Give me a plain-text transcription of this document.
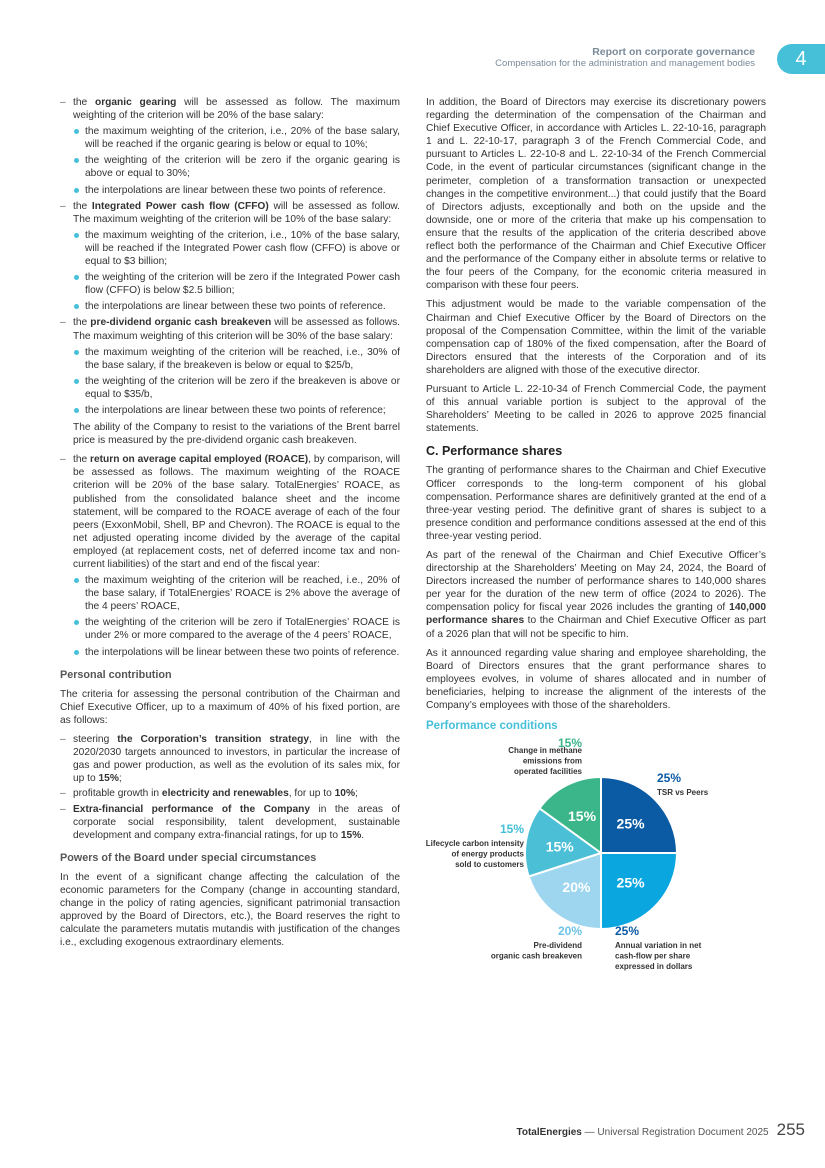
Report on corporate governance
Compensation for the administration and management bodies	4
– the organic gearing will be assessed as follow. The maximum weighting of the criterion will be 20% of the base salary:
the maximum weighting of the criterion, i.e., 20% of the base salary, will be reached if the organic gearing is below or equal to 10%;
the weighting of the criterion will be zero if the organic gearing is above or equal to 30%;
the interpolations are linear between these two points of reference.
– the Integrated Power cash flow (CFFO) will be assessed as follow. The maximum weighting of the criterion will be 10% of the base salary:
the maximum weighting of the criterion, i.e., 10% of the base salary, will be reached if the Integrated Power cash flow (CFFO) is above or equal to $3 billion;
the weighting of the criterion will be zero if the Integrated Power cash flow (CFFO) is below $2.5 billion;
the interpolations are linear between these two points of reference.
– the pre-dividend organic cash breakeven will be assessed as follows. The maximum weighting of this criterion will be 30% of the base salary:
the maximum weighting of the criterion will be reached, i.e., 30% of the base salary, if the breakeven is below or equal to $25/b,
the weighting of the criterion will be zero if the breakeven is above or equal to $35/b,
the interpolations are linear between these two points of reference;
The ability of the Company to resist to the variations of the Brent barrel price is measured by the pre-dividend organic cash breakeven.
– the return on average capital employed (ROACE), by comparison, will be assessed as follows. The maximum weighting of the ROACE criterion will be 20% of the base salary. TotalEnergies’ ROACE, as published from the consolidated balance sheet and the income statement, will be compared to the ROACE average of each of the four peers (ExxonMobil, Shell, BP and Chevron). The ROACE is equal to the net adjusted operating income divided by the average of the capital employed (at replacement costs, net of deferred income tax and non-current liabilities) of the start and end of the fiscal year:
the maximum weighting of the criterion will be reached, i.e., 20% of the base salary, if TotalEnergies’ ROACE is 2% above the average of the 4 peers’ ROACE,
the weighting of the criterion will be zero if TotalEnergies’ ROACE is under 2% or more compared to the average of the 4 peers’ ROACE,
the interpolations will be linear between these two points of reference.
Personal contribution
The criteria for assessing the personal contribution of the Chairman and Chief Executive Officer, up to a maximum of 40% of his fixed portion, are as follows:
– steering the Corporation’s transition strategy, in line with the 2020/2030 targets announced to investors, in particular the increase of gas and power production, as well as the evolution of its sales mix, for up to 15%;
– profitable growth in electricity and renewables, for up to 10%;
– Extra-financial performance of the Company in the areas of corporate social responsibility, talent development, sustainable development and company extra-financial ratings, for up to 15%.
Powers of the Board under special circumstances
In the event of a significant change affecting the calculation of the economic parameters for the Company (change in accounting standard, change in the policy of rating agencies, significant patrimonial transaction approved by the Board of Directors, etc.), the Board reserves the right to calculate the parameters mutatis mutandis with justification of the changes i.e., excluding exogenous extraordinary elements.
In addition, the Board of Directors may exercise its discretionary powers regarding the determination of the compensation of the Chairman and Chief Executive Officer, in accordance with Articles L. 22-10-16, paragraph 1 and L. 22-10-17, paragraph 3 of the French Commercial Code, and pursuant to Articles L. 22-10-8 and L. 22-10-34 of the French Commercial Code, in the event of particular circumstances (significant change in the perimeter, completion of a transformation transaction or unexpected changes in the competitive environment...) that could justify that the Board of Directors adjusts, exceptionally and both on the upside and the downside, one or more of the criteria that make up his compensation to ensure that the results of the application of the criteria described above reflect both the performance of the Chairman and Chief Executive Officer and the performance of the Company either in absolute terms or relative to the four peers of the Company, for the economic criteria measured in comparison with these four peers.
This adjustment would be made to the variable compensation of the Chairman and Chief Executive Officer by the Board of Directors on the proposal of the Compensation Committee, within the limit of the variable compensation cap of 180% of the fixed compensation, after the Board of Directors ensured that the interests of the Corporation and of its shareholders are aligned with those of the executive director.
Pursuant to Article L. 22-10-34 of French Commercial Code, the payment of this annual variable portion is subject to the approval of the Shareholders’ Meeting to be called in 2026 to approve 2025 financial statements.
C. Performance shares
The granting of performance shares to the Chairman and Chief Executive Officer corresponds to the long-term component of his global compensation. Performance shares are definitively granted at the end of a three-year vesting period. The definitive grant of shares is subject to a presence condition and performance conditions assessed at the end of this three-year vesting period.
As part of the renewal of the Chairman and Chief Executive Officer’s directorship at the Shareholders’ Meeting on May 24, 2024, the Board of Directors increased the number of performance shares to 140,000 shares per year for the duration of the new term of office (2024 to 2026). The compensation policy for fiscal year 2026 includes the granting of 140,000 performance shares to the Chairman and Chief Executive Officer as part of a 2026 plan that will not be specific to him.
As it announced regarding value sharing and employee shareholding, the Board of Directors ensures that the grant performance shares to employees evolves, in volume of shares allocated and in number of beneficiaries, helping to increase the alignment of the interests of the Company’s employees with those of the shareholders.
Performance conditions
25%
25%
20%
15%
15%
25%
TSR vs Peers
25%
Annual variation in net cash-flow per share expressed in dollars
20%
Pre-dividend organic cash breakeven
15%
Lifecycle carbon intensity of energy products sold to customers
15%
Change in methane emissions from operated facilities
TotalEnergies — Universal Registration Document 2025 255
